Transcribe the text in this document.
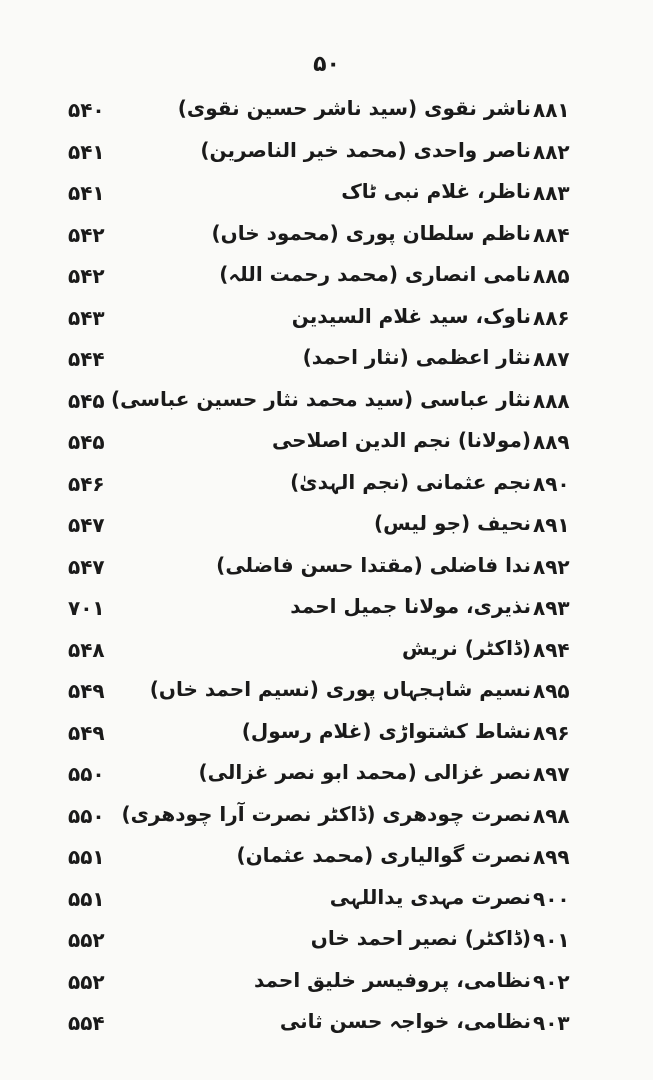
۵۰
۸۸۱
ناشر نقوی (سید ناشر حسین نقوی)
۵۴۰
۸۸۲
ناصر واحدی (محمد خیر الناصرین)
۵۴۱
۸۸۳
ناظر، غلام نبی ٹاک
۵۴۱
۸۸۴
ناظم سلطان پوری (محمود خاں)
۵۴۲
۸۸۵
نامی انصاری (محمد رحمت اللہ)
۵۴۲
۸۸۶
ناوک، سید غلام السیدین
۵۴۳
۸۸۷
نثار اعظمی (نثار احمد)
۵۴۴
۸۸۸
نثار عباسی (سید محمد نثار حسین عباسی)
۵۴۵
۸۸۹
(مولانا) نجم الدین اصلاحی
۵۴۵
۸۹۰
نجم عثمانی (نجم الہدیٰ)
۵۴۶
۸۹۱
نحیف (جو لیس)
۵۴۷
۸۹۲
ندا فاضلی (مقتدا حسن فاضلی)
۵۴۷
۸۹۳
نذیری، مولانا جمیل احمد
۷۰۱
۸۹۴
(ڈاکٹر) نریش
۵۴۸
۸۹۵
نسیم شاہجہاں پوری (نسیم احمد خاں)
۵۴۹
۸۹۶
نشاط کشتواڑی (غلام رسول)
۵۴۹
۸۹۷
نصر غزالی (محمد ابو نصر غزالی)
۵۵۰
۸۹۸
نصرت چودھری (ڈاکٹر نصرت آرا چودھری)
۵۵۰
۸۹۹
نصرت گوالیاری (محمد عثمان)
۵۵۱
۹۰۰
نصرت مہدی یداللہی
۵۵۱
۹۰۱
(ڈاکٹر) نصیر احمد خاں
۵۵۲
۹۰۲
نظامی، پروفیسر خلیق احمد
۵۵۲
۹۰۳
نظامی، خواجہ حسن ثانی
۵۵۴
